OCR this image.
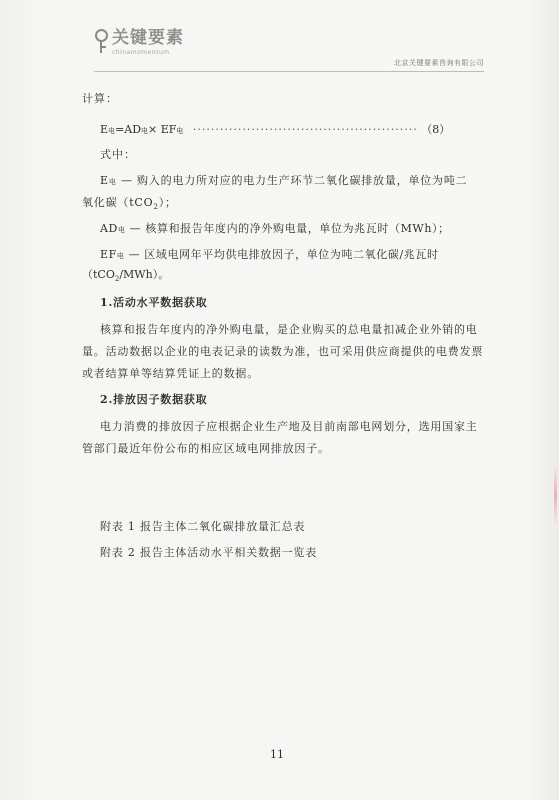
关键要素
chinamomentum
北京关键要素咨询有限公司
计算：
E电=AD电× EF电 ·················································· （8）
式中：
E电 — 购入的电力所对应的电力生产环节二氧化碳排放量，单位为吨二
氧化碳（tCO$_2$）；
AD电 — 核算和报告年度内的净外购电量，单位为兆瓦时（MWh）；
EF电 — 区域电网年平均供电排放因子，单位为吨二氧化碳/兆瓦时
（tCO$_2$/MWh）。
1.活动水平数据获取
核算和报告年度内的净外购电量，是企业购买的总电量扣减企业外销的电
量。活动数据以企业的电表记录的读数为准，也可采用供应商提供的电费发票
或者结算单等结算凭证上的数据。
2.排放因子数据获取
电力消费的排放因子应根据企业生产地及目前南部电网划分，选用国家主
管部门最近年份公布的相应区域电网排放因子。
附表 1 报告主体二氧化碳排放量汇总表
附表 2 报告主体活动水平相关数据一览表
11
